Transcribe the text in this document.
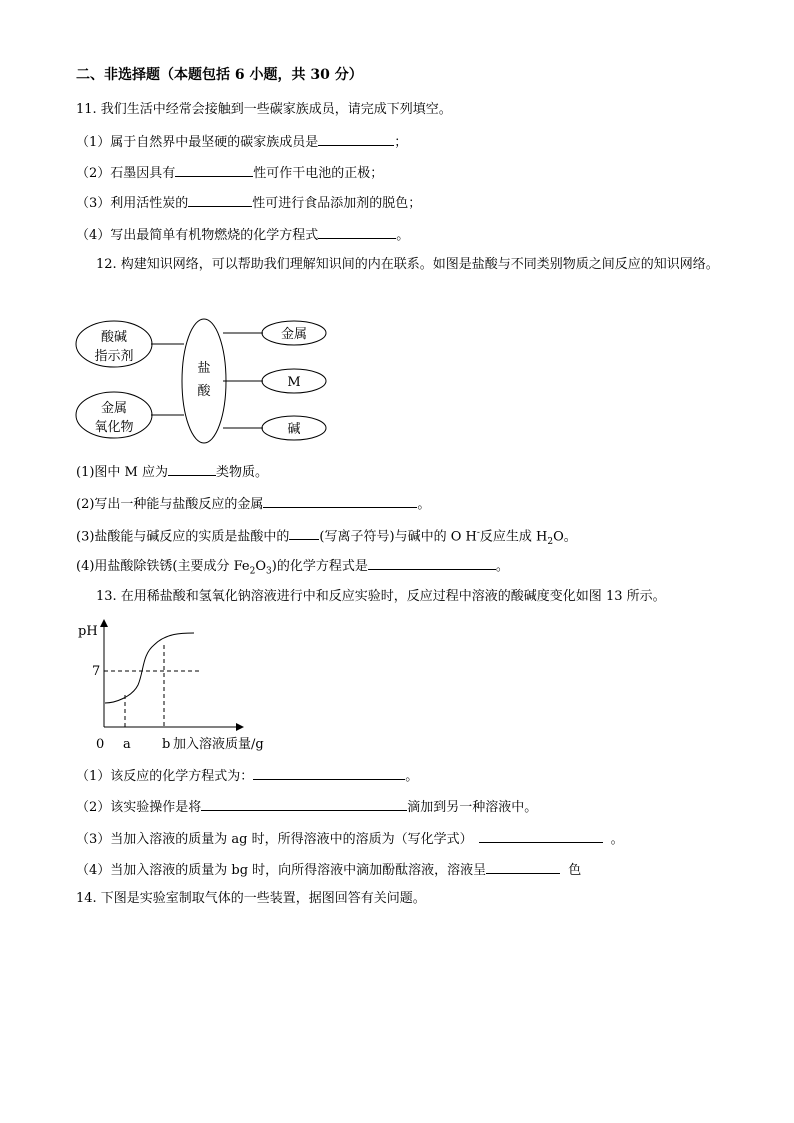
二、非选择题（本题包括 6 小题，共 30 分）
11. 我们生活中经常会接触到一些碳家族成员，请完成下列填空。
（1）属于自然界中最坚硬的碳家族成员是	；
（2）石墨因具有	性可作干电池的正极；
（3）利用活性炭的	性可进行食品添加剂的脱色；
（4）写出最简单有机物燃烧的化学方程式	。
12. 构建知识网络，可以帮助我们理解知识间的内在联系。如图是盐酸与不同类别物质之间反应的知识网络。
酸碱
指示剂
金属
氧化物
盐
酸
金属
M
碱
(1)图中 M 应为	类物质。
(2)写出一种能与盐酸反应的金属	。
(3)盐酸能与碱反应的实质是盐酸中的 (写离子符号)与碱中的 O H-反应生成 $H_2O$。
(4)用盐酸除铁锈(主要成分 $Fe_2O_3$)的化学方程式是	。
13. 在用稀盐酸和氢氧化钠溶液进行中和反应实验时，反应过程中溶液的酸碱度变化如图 13 所示。
pH
7
0 a b 加入溶液质量/g
（1）该反应的化学方程式为：	。
（2）该实验操作是将	滴加到另一种溶液中。
（3）当加入溶液的质量为 ag 时，所得溶液中的溶质为（写化学式）	。
（4）当加入溶液的质量为 bg 时，向所得溶液中滴加酚酞溶液，溶液呈	色
14. 下图是实验室制取气体的一些装置，据图回答有关问题。
